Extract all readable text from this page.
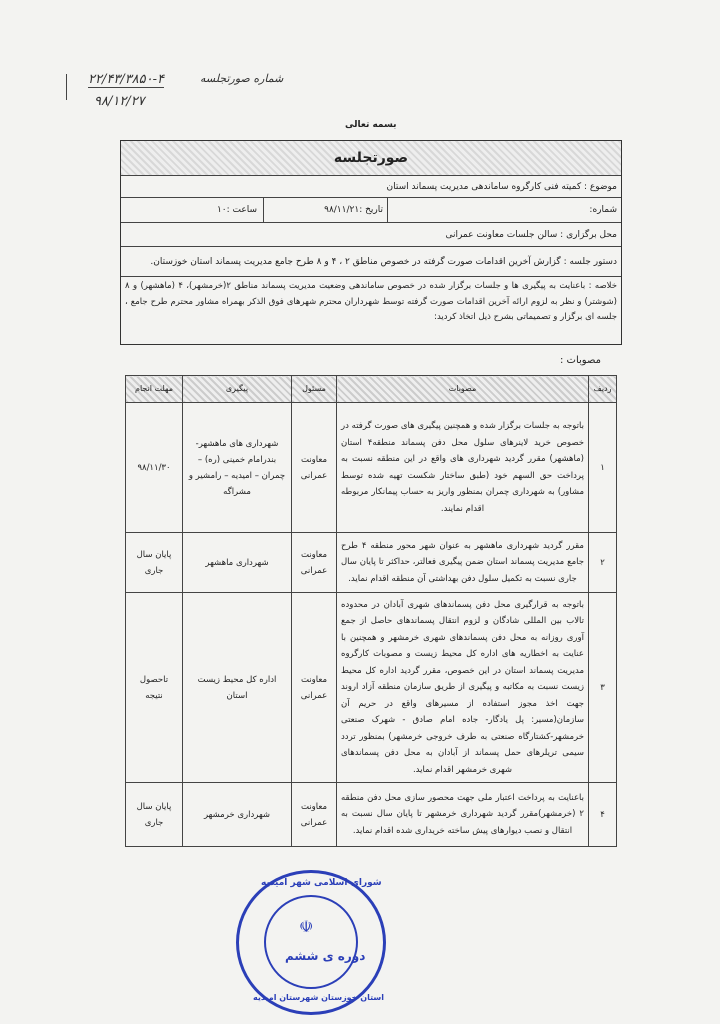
۲۲/۴۳/۳۸۵۰-۴	شماره صورتجلسه
۹۸/۱۲/۲۷
بسمه تعالی
صورتجلسه
موضوع : کمیته فنی کارگروه ساماندهی مدیریت پسماند استان
شماره:
تاریخ :۹۸/۱۱/۲۱
ساعت :۱۰
محل برگزاری : سالن جلسات معاونت عمرانی
دستور جلسه : گزارش آخرین اقدامات صورت گرفته در خصوص مناطق ۲ ، ۴ و ۸ طرح جامع مدیریت پسماند استان خوزستان.
خلاصه : باعنایت به پیگیری ها و جلسات برگزار شده در خصوص ساماندهی وضعیت مدیریت پسماند مناطق ۲(خرمشهر)، ۴ (ماهشهر) و ۸ (شوشتر) و نظر به لزوم ارائه آخرین اقدامات صورت گرفته توسط شهرداران محترم شهرهای فوق الذکر بهمراه مشاور محترم طرح جامع ، جلسه ای برگزار و تصمیماتی بشرح ذیل اتخاذ کردید:
مصوبات :
ردیف	مصوبات	مسئول	پیگیری	مهلت انجام
۱	باتوجه به جلسات برگزار شده و همچنین پیگیری های صورت گرفته در خصوص خرید لاینرهای سلول محل دفن پسماند منطقه۴ استان (ماهشهر) مقرر گردید شهرداری های واقع در این منطقه نسبت به پرداخت حق السهم خود (طبق ساختار شکست تهیه شده توسط مشاور) به شهرداری چمران بمنظور واریز به حساب پیمانکار مربوطه اقدام نمایند.	معاونت عمرانی	شهرداری های ماهشهر- بندرامام خمینی (ره) – چمران – امیدیه – رامشیر و مشراگه	۹۸/۱۱/۳۰
۲	مقرر گردید شهرداری ماهشهر به عنوان شهر محور منطقه ۴ طرح جامع مدیریت پسماند استان ضمن پیگیری فعالتر، حداکثر تا پایان سال جاری نسبت به تکمیل سلول دفن بهداشتی آن منطقه اقدام نماید.	معاونت عمرانی	شهرداری ماهشهر	پایان سال جاری
۳	باتوجه به قرارگیری محل دفن پسماندهای شهری آبادان در محدوده تالاب بین المللی شادگان و لزوم انتقال پسماندهای حاصل از جمع آوری روزانه به محل دفن پسماندهای شهری خرمشهر و همچنین با عنایت به اخطاریه های اداره کل محیط زیست و مصوبات کارگروه مدیریت پسماند استان در این خصوص، مقرر گردید اداره کل محیط زیست نسبت به مکاتبه و پیگیری از طریق سازمان منطقه آزاد اروند جهت اخذ مجوز استفاده از مسیرهای واقع در حریم آن سازمان(مسیر: پل یادگار- جاده امام صادق - شهرک صنعتی خرمشهر-کشتارگاه صنعتی به طرف خروجی خرمشهر) بمنظور تردد سیمی تریلرهای حمل پسماند از آبادان به محل دفن پسماندهای شهری خرمشهر اقدام نماید.	معاونت عمرانی	اداره کل محیط زیست استان	تاحصول نتیجه
۴	باعنایت به پرداخت اعتبار ملی جهت محصور سازی محل دفن منطقه ۲ (خرمشهر)مقرر گردید شهرداری خرمشهر تا پایان سال نسبت به انتقال و نصب دیوارهای پیش ساخته خریداری شده اقدام نماید.	معاونت عمرانی	شهرداری خرمشهر	پایان سال جاری
شورای اسلامی شهر امیدیه
☫
دوره ی ششم
استان خوزستان شهرستان امیدیه
